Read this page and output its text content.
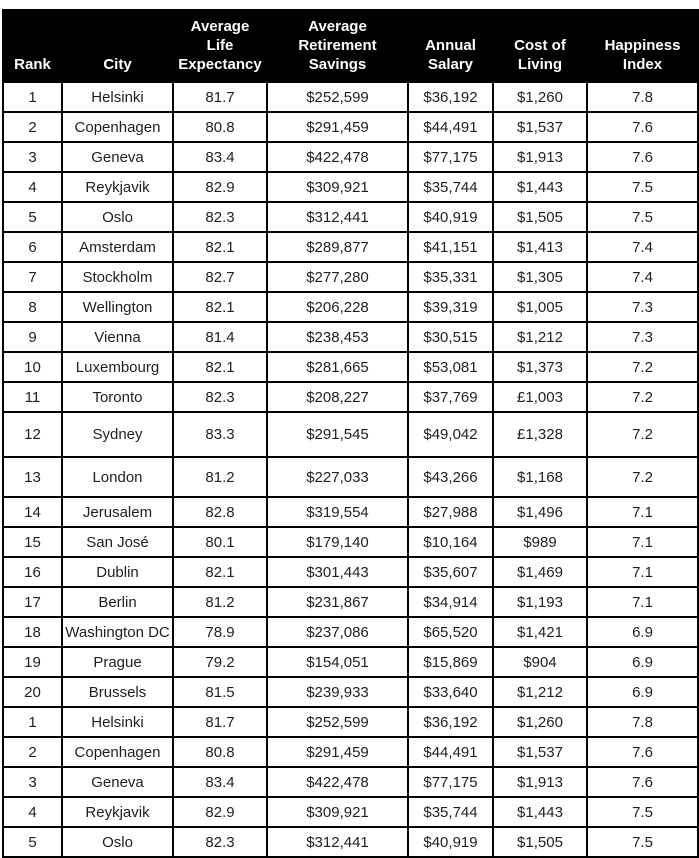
Rank	City	Average Life Expectancy	Average Retirement Savings	Annual Salary	Cost of Living	Happiness Index
1	Helsinki	81.7	$252,599	$36,192	$1,260	7.8
2	Copenhagen	80.8	$291,459	$44,491	$1,537	7.6
3	Geneva	83.4	$422,478	$77,175	$1,913	7.6
4	Reykjavik	82.9	$309,921	$35,744	$1,443	7.5
5	Oslo	82.3	$312,441	$40,919	$1,505	7.5
6	Amsterdam	82.1	$289,877	$41,151	$1,413	7.4
7	Stockholm	82.7	$277,280	$35,331	$1,305	7.4
8	Wellington	82.1	$206,228	$39,319	$1,005	7.3
9	Vienna	81.4	$238,453	$30,515	$1,212	7.3
10	Luxembourg	82.1	$281,665	$53,081	$1,373	7.2
11	Toronto	82.3	$208,227	$37,769	£1,003	7.2
12	Sydney	83.3	$291,545	$49,042	£1,328	7.2
13	London	81.2	$227,033	$43,266	$1,168	7.2
14	Jerusalem	82.8	$319,554	$27,988	$1,496	7.1
15	San José	80.1	$179,140	$10,164	$989	7.1
16	Dublin	82.1	$301,443	$35,607	$1,469	7.1
17	Berlin	81.2	$231,867	$34,914	$1,193	7.1
18	Washington DC	78.9	$237,086	$65,520	$1,421	6.9
19	Prague	79.2	$154,051	$15,869	$904	6.9
20	Brussels	81.5	$239,933	$33,640	$1,212	6.9
1	Helsinki	81.7	$252,599	$36,192	$1,260	7.8
2	Copenhagen	80.8	$291,459	$44,491	$1,537	7.6
3	Geneva	83.4	$422,478	$77,175	$1,913	7.6
4	Reykjavik	82.9	$309,921	$35,744	$1,443	7.5
5	Oslo	82.3	$312,441	$40,919	$1,505	7.5
